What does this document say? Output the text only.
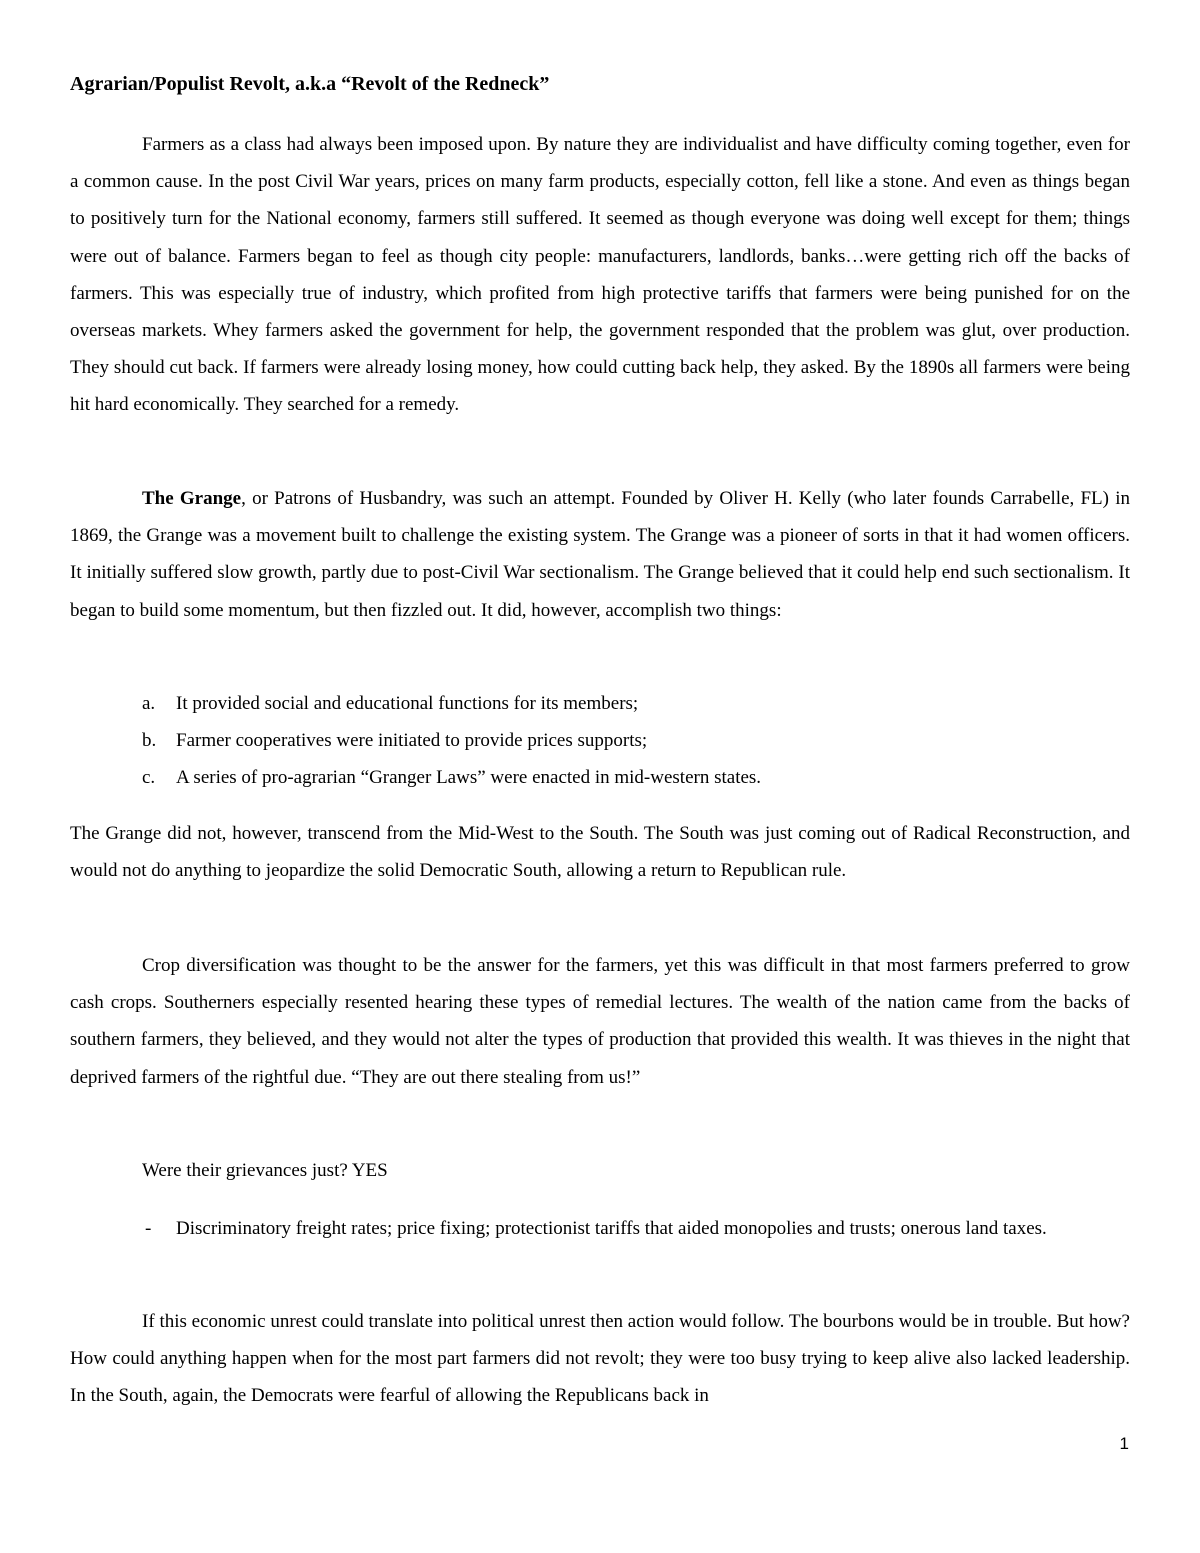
Agrarian/Populist Revolt, a.k.a “Revolt of the Redneck”

Farmers as a class had always been imposed upon. By nature they are individualist and have difficulty coming together, even for a common cause. In the post Civil War years, prices on many farm products, especially cotton, fell like a stone. And even as things began to positively turn for the National economy, farmers still suffered. It seemed as though everyone was doing well except for them; things were out of balance. Farmers began to feel as though city people: manufacturers, landlords, banks…were getting rich off the backs of farmers. This was especially true of industry, which profited from high protective tariffs that farmers were being punished for on the overseas markets. Whey farmers asked the government for help, the government responded that the problem was glut, over production. They should cut back. If farmers were already losing money, how could cutting back help, they asked. By the 1890s all farmers were being hit hard economically. They searched for a remedy.

The Grange, or Patrons of Husbandry, was such an attempt. Founded by Oliver H. Kelly (who later founds Carrabelle, FL) in 1869, the Grange was a movement built to challenge the existing system. The Grange was a pioneer of sorts in that it had women officers. It initially suffered slow growth, partly due to post-Civil War sectionalism. The Grange believed that it could help end such sectionalism. It began to build some momentum, but then fizzled out. It did, however, accomplish two things:

a. It provided social and educational functions for its members;
b. Farmer cooperatives were initiated to provide prices supports;
c. A series of pro-agrarian “Granger Laws” were enacted in mid-western states.

The Grange did not, however, transcend from the Mid-West to the South. The South was just coming out of Radical Reconstruction, and would not do anything to jeopardize the solid Democratic South, allowing a return to Republican rule.

Crop diversification was thought to be the answer for the farmers, yet this was difficult in that most farmers preferred to grow cash crops. Southerners especially resented hearing these types of remedial lectures. The wealth of the nation came from the backs of southern farmers, they believed, and they would not alter the types of production that provided this wealth. It was thieves in the night that deprived farmers of the rightful due. “They are out there stealing from us!”

Were their grievances just? YES

- Discriminatory freight rates; price fixing; protectionist tariffs that aided monopolies and trusts; onerous land taxes.

If this economic unrest could translate into political unrest then action would follow. The bourbons would be in trouble. But how? How could anything happen when for the most part farmers did not revolt; they were too busy trying to keep alive also lacked leadership. In the South, again, the Democrats were fearful of allowing the Republicans back in

1
